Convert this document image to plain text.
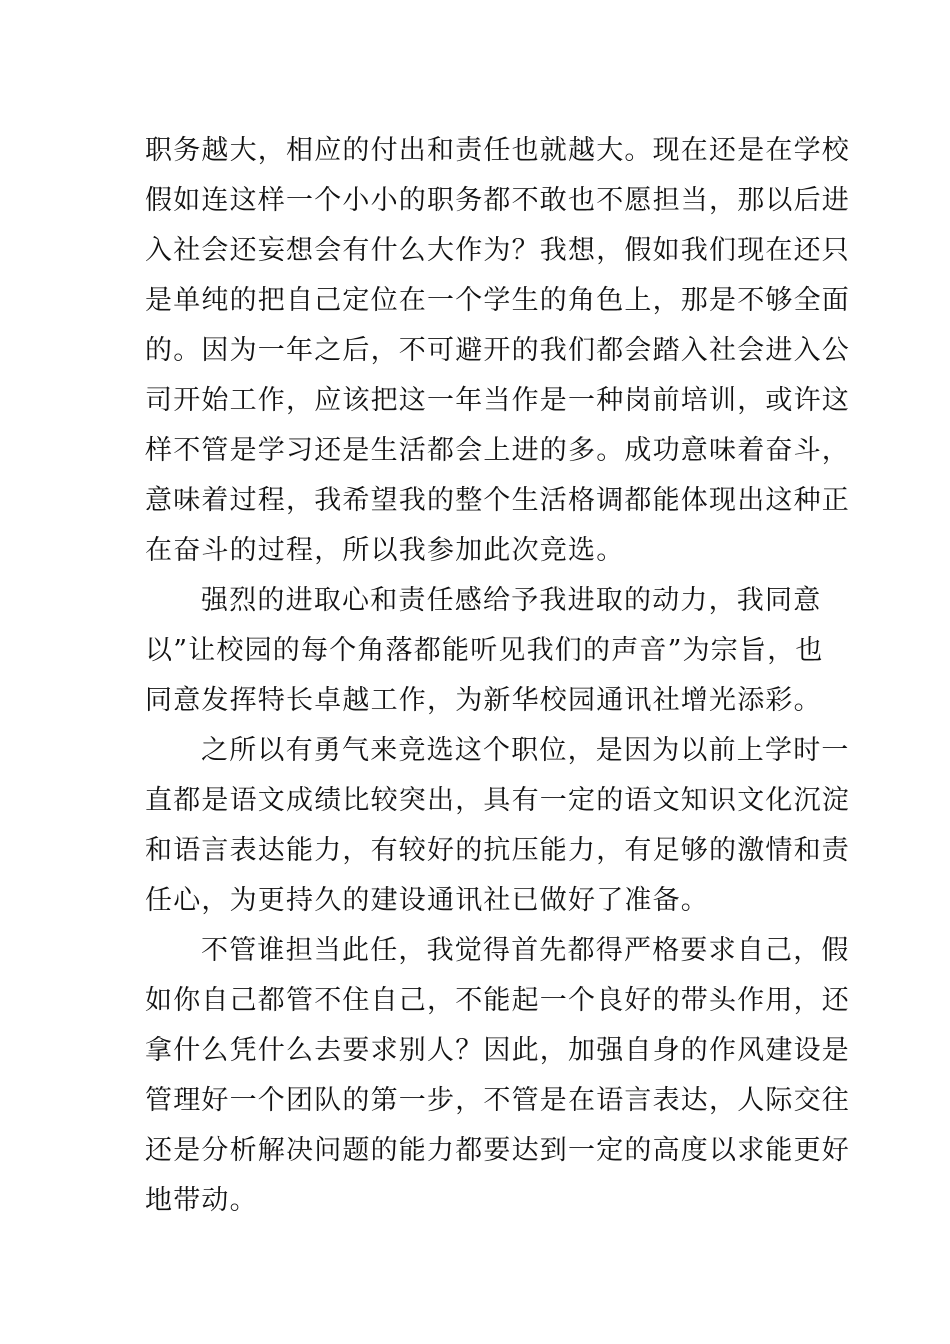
职务越大，相应的付出和责任也就越大。现在还是在学校
假如连这样一个小小的职务都不敢也不愿担当，那以后进
入社会还妄想会有什么大作为？我想，假如我们现在还只
是单纯的把自己定位在一个学生的角色上，那是不够全面
的。因为一年之后，不可避开的我们都会踏入社会进入公
司开始工作，应该把这一年当作是一种岗前培训，或许这
样不管是学习还是生活都会上进的多。成功意味着奋斗，
意味着过程，我希望我的整个生活格调都能体现出这种正
在奋斗的过程，所以我参加此次竞选。

强烈的进取心和责任感给予我进取的动力，我同意
以”让校园的每个角落都能听见我们的声音”为宗旨，也
同意发挥特长卓越工作，为新华校园通讯社增光添彩。

之所以有勇气来竞选这个职位，是因为以前上学时一
直都是语文成绩比较突出，具有一定的语文知识文化沉淀
和语言表达能力，有较好的抗压能力，有足够的激情和责
任心，为更持久的建设通讯社已做好了准备。

不管谁担当此任，我觉得首先都得严格要求自己，假
如你自己都管不住自己，不能起一个良好的带头作用，还
拿什么凭什么去要求别人？因此，加强自身的作风建设是
管理好一个团队的第一步，不管是在语言表达，人际交往
还是分析解决问题的能力都要达到一定的高度以求能更好
地带动。
